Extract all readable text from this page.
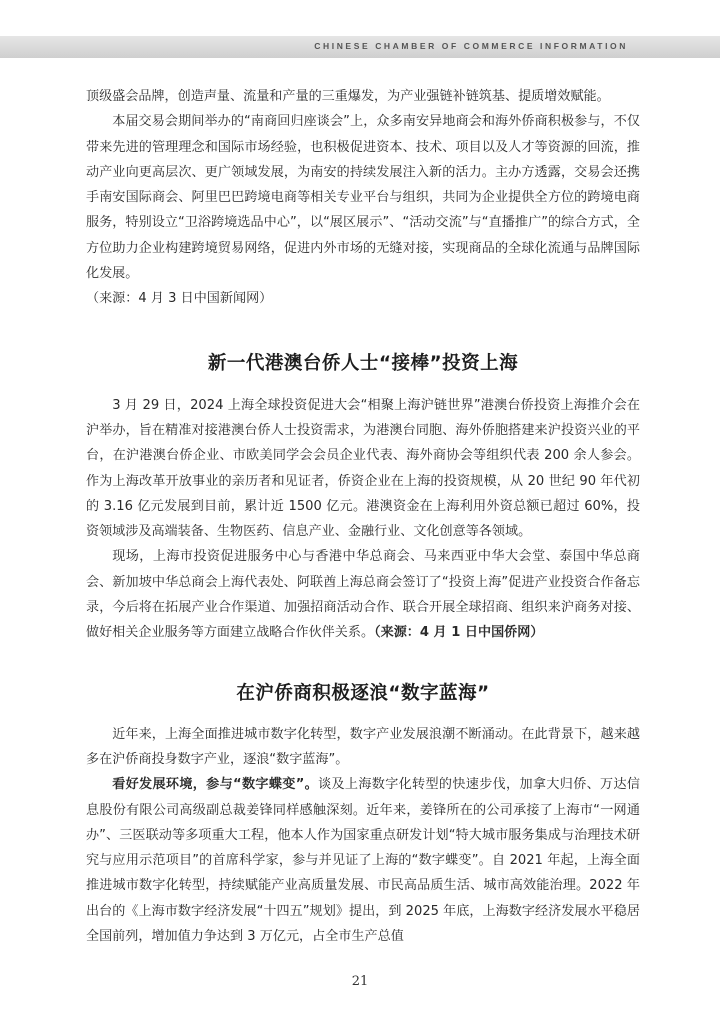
CHINESE CHAMBER OF COMMERCE INFORMATION

顶级盛会品牌，创造声量、流量和产量的三重爆发，为产业强链补链筑基、提质增效赋能。

本届交易会期间举办的“南商回归座谈会”上，众多南安异地商会和海外侨商积极参与，不仅带来先进的管理理念和国际市场经验，也积极促进资本、技术、项目以及人才等资源的回流，推动产业向更高层次、更广领域发展，为南安的持续发展注入新的活力。主办方透露，交易会还携手南安国际商会、阿里巴巴跨境电商等相关专业平台与组织，共同为企业提供全方位的跨境电商服务，特别设立“卫浴跨境选品中心”，以“展区展示”、“活动交流”与“直播推广”的综合方式，全方位助力企业构建跨境贸易网络，促进内外市场的无缝对接，实现商品的全球化流通与品牌国际化发展。

（来源：4 月 3 日中国新闻网）

新一代港澳台侨人士“接棒”投资上海

3 月 29 日，2024 上海全球投资促进大会“相聚上海沪链世界”港澳台侨投资上海推介会在沪举办，旨在精准对接港澳台侨人士投资需求，为港澳台同胞、海外侨胞搭建来沪投资兴业的平台，在沪港澳台侨企业、市欧美同学会会员企业代表、海外商协会等组织代表 200 余人参会。作为上海改革开放事业的亲历者和见证者，侨资企业在上海的投资规模，从 20 世纪 90 年代初的 3.16 亿元发展到目前，累计近 1500 亿元。港澳资金在上海利用外资总额已超过 60%，投资领域涉及高端装备、生物医药、信息产业、金融行业、文化创意等各领域。

现场，上海市投资促进服务中心与香港中华总商会、马来西亚中华大会堂、泰国中华总商会、新加坡中华总商会上海代表处、阿联酋上海总商会签订了“投资上海”促进产业投资合作备忘录，今后将在拓展产业合作渠道、加强招商活动合作、联合开展全球招商、组织来沪商务对接、做好相关企业服务等方面建立战略合作伙伴关系。（来源：4 月 1 日中国侨网）

在沪侨商积极逐浪“数字蓝海”

近年来，上海全面推进城市数字化转型，数字产业发展浪潮不断涌动。在此背景下，越来越多在沪侨商投身数字产业，逐浪“数字蓝海”。

看好发展环境，参与“数字蝶变”。谈及上海数字化转型的快速步伐，加拿大归侨、万达信息股份有限公司高级副总裁姜锋同样感触深刻。近年来，姜锋所在的公司承接了上海市“一网通办”、三医联动等多项重大工程，他本人作为国家重点研发计划“特大城市服务集成与治理技术研究与应用示范项目”的首席科学家，参与并见证了上海的“数字蝶变”。自 2021 年起，上海全面推进城市数字化转型，持续赋能产业高质量发展、市民高品质生活、城市高效能治理。2022 年出台的《上海市数字经济发展“十四五”规划》提出，到 2025 年底，上海数字经济发展水平稳居全国前列，增加值力争达到 3 万亿元，占全市生产总值

21
